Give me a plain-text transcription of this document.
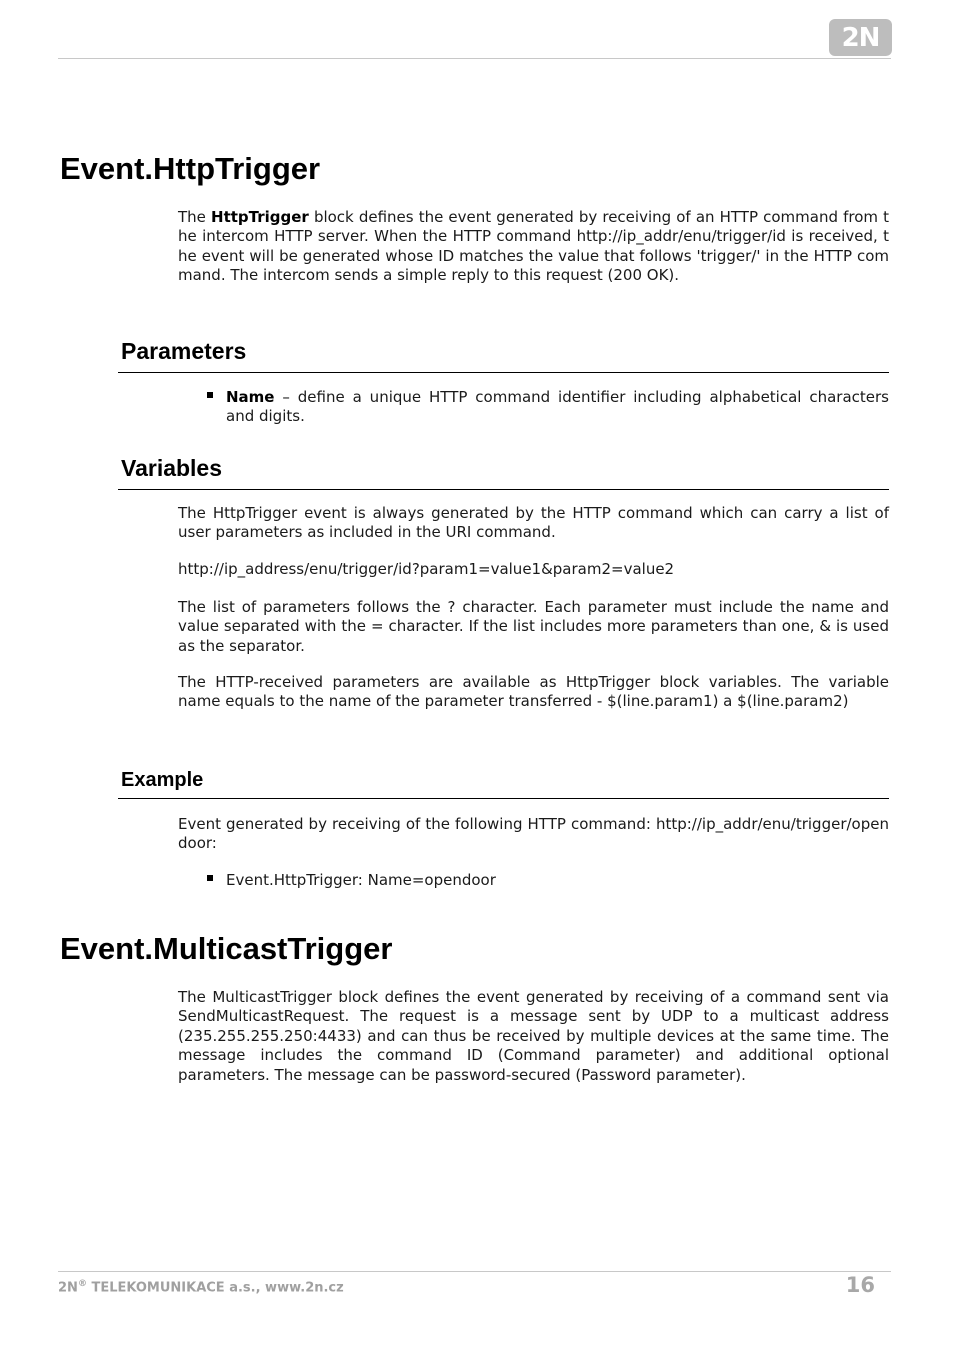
2N
Event.HttpTrigger

The HttpTrigger block defines the event generated by receiving of an HTTP command from the intercom HTTP server. When the HTTP command http://ip_addr/enu/trigger/id is received, the event will be generated whose ID matches the value that follows 'trigger/' in the HTTP command. The intercom sends a simple reply to this request (200 OK).

Parameters
Name – define a unique HTTP command identifier including alphabetical characters and digits.
Variables

The HttpTrigger event is always generated by the HTTP command which can carry a list of user parameters as included in the URI command.

http://ip_address/enu/trigger/id?param1=value1&param2=value2

The list of parameters follows the ? character. Each parameter must include the name and value separated with the = character. If the list includes more parameters than one, & is used as the separator.

The HTTP-received parameters are available as HttpTrigger block variables. The variable name equals to the name of the parameter transferred - $(line.param1) a $(line.param2)

Example

Event generated by receiving of the following HTTP command: http://ip_addr/enu/trigger/opendoor:

Event.HttpTrigger: Name=opendoor
Event.MulticastTrigger

The MulticastTrigger block defines the event generated by receiving of a command sent via SendMulticastRequest. The request is a message sent by UDP to a multicast address (235.255.255.250:4433) and can thus be received by multiple devices at the same time. The message includes the command ID (Command parameter) and additional optional parameters. The message can be password-secured (Password parameter).

2N® TELEKOMUNIKACE a.s., www.2n.cz	16
